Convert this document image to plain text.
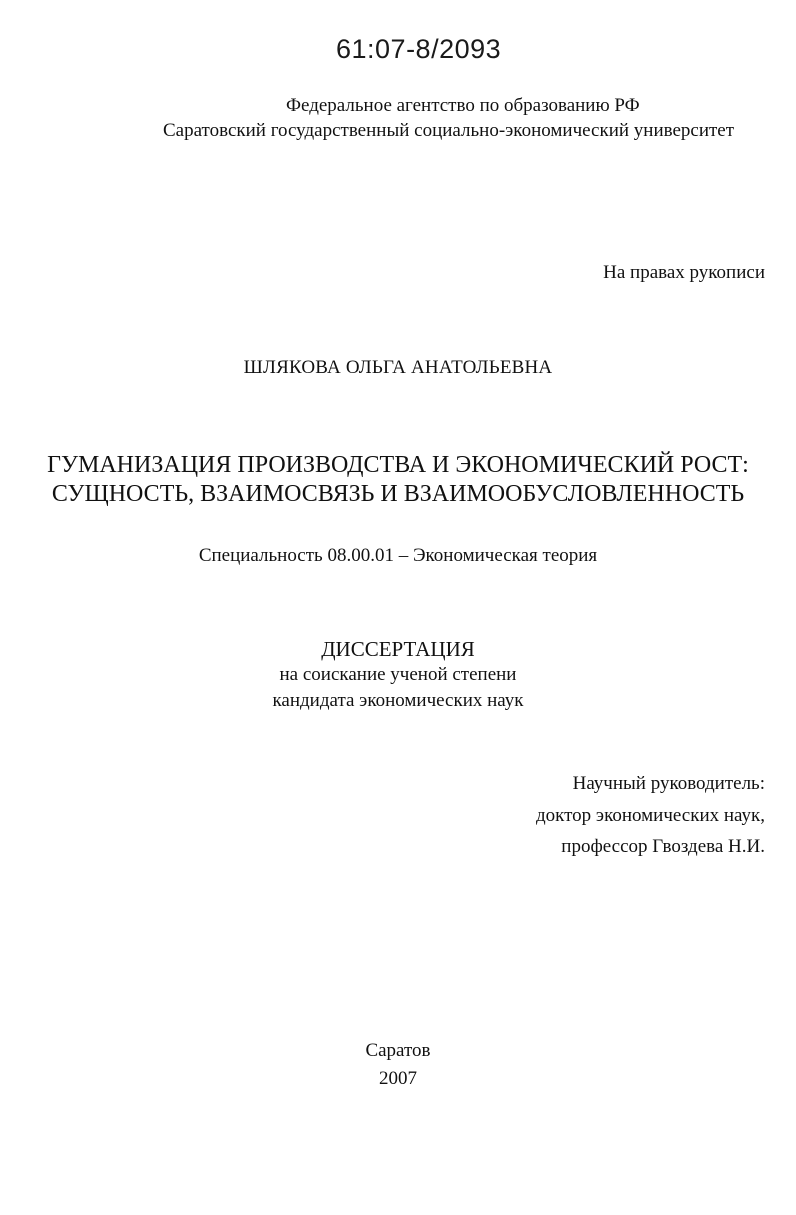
61:07-8/2093
Федеральное агентство по образованию РФ
Саратовский государственный социально-экономический университет
На правах рукописи
ШЛЯКОВА ОЛЬГА АНАТОЛЬЕВНА
ГУМАНИЗАЦИЯ ПРОИЗВОДСТВА И ЭКОНОМИЧЕСКИЙ РОСТ:
СУЩНОСТЬ, ВЗАИМОСВЯЗЬ И ВЗАИМООБУСЛОВЛЕННОСТЬ
Специальность 08.00.01 – Экономическая теория
ДИССЕРТАЦИЯ
на соискание ученой степени
кандидата экономических наук
Научный руководитель:
доктор экономических наук,
профессор Гвоздева Н.И.
Саратов
2007
